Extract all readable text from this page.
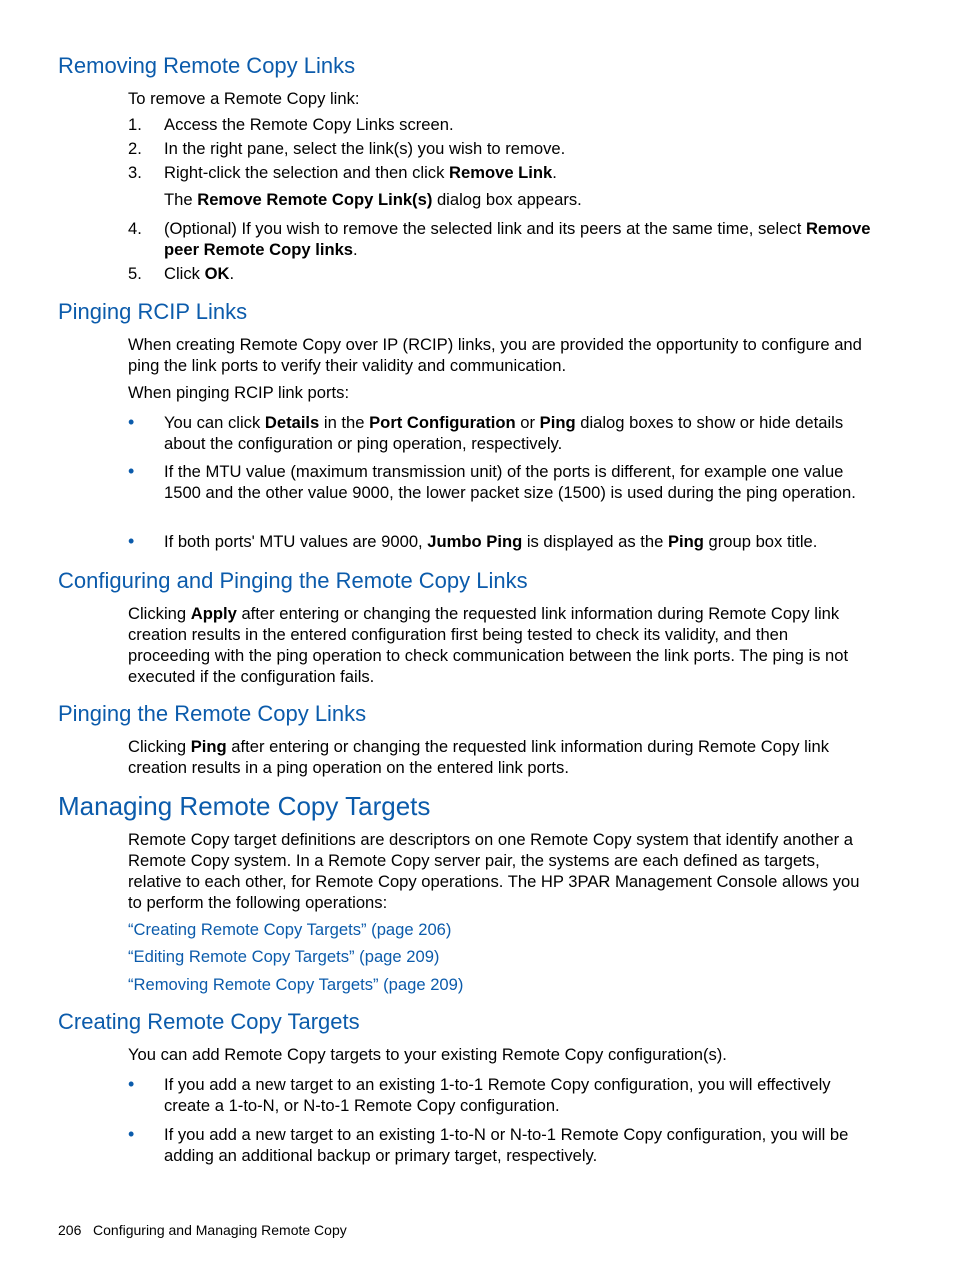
Removing Remote Copy Links

To remove a Remote Copy link:

1. Access the Remote Copy Links screen.
2. In the right pane, select the link(s) you wish to remove.
3. Right-click the selection and then click Remove Link.
The Remove Remote Copy Link(s) dialog box appears.
4. (Optional) If you wish to remove the selected link and its peers at the same time, select Remove peer Remote Copy links.
5. Click OK.
Pinging RCIP Links

When creating Remote Copy over IP (RCIP) links, you are provided the opportunity to configure and ping the link ports to verify their validity and communication.

When pinging RCIP link ports:

• You can click Details in the Port Configuration or Ping dialog boxes to show or hide details about the configuration or ping operation, respectively.
• If the MTU value (maximum transmission unit) of the ports is different, for example one value 1500 and the other value 9000, the lower packet size (1500) is used during the ping operation.
• If both ports' MTU values are 9000, Jumbo Ping is displayed as the Ping group box title.
Configuring and Pinging the Remote Copy Links

Clicking Apply after entering or changing the requested link information during Remote Copy link creation results in the entered configuration first being tested to check its validity, and then proceeding with the ping operation to check communication between the link ports. The ping is not executed if the configuration fails.

Pinging the Remote Copy Links

Clicking Ping after entering or changing the requested link information during Remote Copy link creation results in a ping operation on the entered link ports.

Managing Remote Copy Targets

Remote Copy target definitions are descriptors on one Remote Copy system that identify another a Remote Copy system. In a Remote Copy server pair, the systems are each defined as targets, relative to each other, for Remote Copy operations. The HP 3PAR Management Console allows you to perform the following operations:

“Creating Remote Copy Targets” (page 206)
“Editing Remote Copy Targets” (page 209)
“Removing Remote Copy Targets” (page 209)
Creating Remote Copy Targets

You can add Remote Copy targets to your existing Remote Copy configuration(s).

• If you add a new target to an existing 1-to-1 Remote Copy configuration, you will effectively create a 1-to-N, or N-to-1 Remote Copy configuration.
• If you add a new target to an existing 1-to-N or N-to-1 Remote Copy configuration, you will be adding an additional backup or primary target, respectively.
206 Configuring and Managing Remote Copy
